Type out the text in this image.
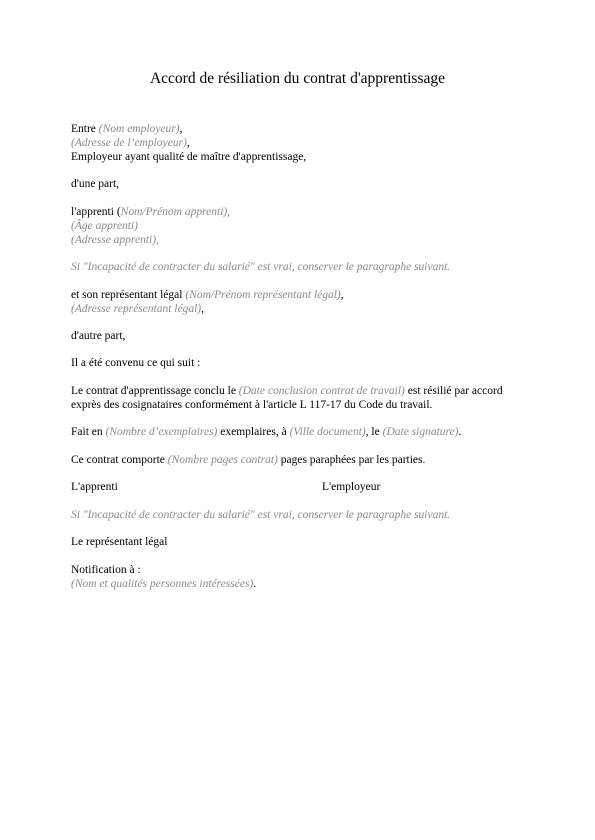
Accord de résiliation du contrat d'apprentissage
Entre (Nom employeur),
(Adresse de l’employeur),
Employeur ayant qualité de maître d'apprentissage,
d'une part,
l'apprenti (Nom/Prénom apprenti),
(Âge apprenti)
(Adresse apprenti),
Si "Incapacité de contracter du salarié" est vrai, conserver le paragraphe suivant.
et son représentant légal (Nom/Prénom représentant légal),
(Adresse représentant légal),
d'autre part,
Il a été convenu ce qui suit :
Le contrat d'apprentissage conclu le (Date conclusion contrat de travail) est résilié par accord
exprès des cosignataires conformément à l'article L 117-17 du Code du travail.
Fait en (Nombre d’exemplaires) exemplaires, à (Ville document), le (Date signature).
Ce contrat comporte (Nombre pages contrat) pages paraphées par les parties.
L'apprenti	L'employeur
Si "Incapacité de contracter du salarié" est vrai, conserver le paragraphe suivant.
Le représentant légal
Notification à :
(Nom et qualités personnes intéressées).
